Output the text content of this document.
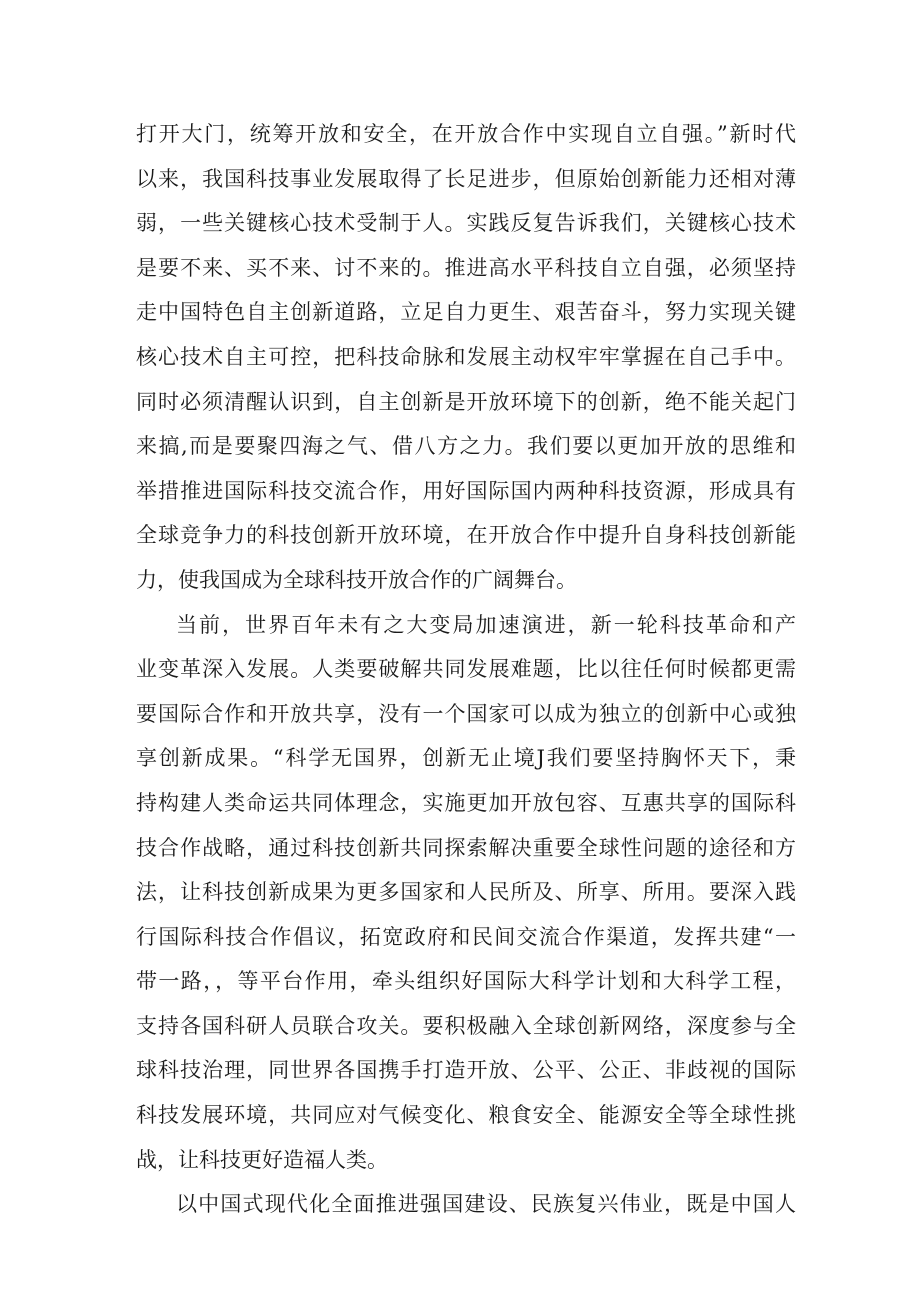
打开大门，统筹开放和安全，在开放合作中实现自立自强。”新时代
以来，我国科技事业发展取得了长足进步，但原始创新能力还相对薄
弱，一些关键核心技术受制于人。实践反复告诉我们，关键核心技术
是要不来、买不来、讨不来的。推进高水平科技自立自强，必须坚持
走中国特色自主创新道路，立足自力更生、艰苦奋斗，努力实现关键
核心技术自主可控，把科技命脉和发展主动权牢牢掌握在自己手中。
同时必须清醒认识到，自主创新是开放环境下的创新，绝不能关起门
来搞,而是要聚四海之气、借八方之力。我们要以更加开放的思维和
举措推进国际科技交流合作，用好国际国内两种科技资源，形成具有
全球竞争力的科技创新开放环境，在开放合作中提升自身科技创新能
力，使我国成为全球科技开放合作的广阔舞台。
当前，世界百年未有之大变局加速演进，新一轮科技革命和产
业变革深入发展。人类要破解共同发展难题，比以往任何时候都更需
要国际合作和开放共享，没有一个国家可以成为独立的创新中心或独
享创新成果。“科学无国界，创新无止境J我们要坚持胸怀天下，秉
持构建人类命运共同体理念，实施更加开放包容、互惠共享的国际科
技合作战略，通过科技创新共同探索解决重要全球性问题的途径和方
法，让科技创新成果为更多国家和人民所及、所享、所用。要深入践
行国际科技合作倡议，拓宽政府和民间交流合作渠道，发挥共建“一
带一路，，等平台作用，牵头组织好国际大科学计划和大科学工程，
支持各国科研人员联合攻关。要积极融入全球创新网络，深度参与全
球科技治理，同世界各国携手打造开放、公平、公正、非歧视的国际
科技发展环境，共同应对气候变化、粮食安全、能源安全等全球性挑
战，让科技更好造福人类。
以中国式现代化全面推进强国建设、民族复兴伟业，既是中国人
